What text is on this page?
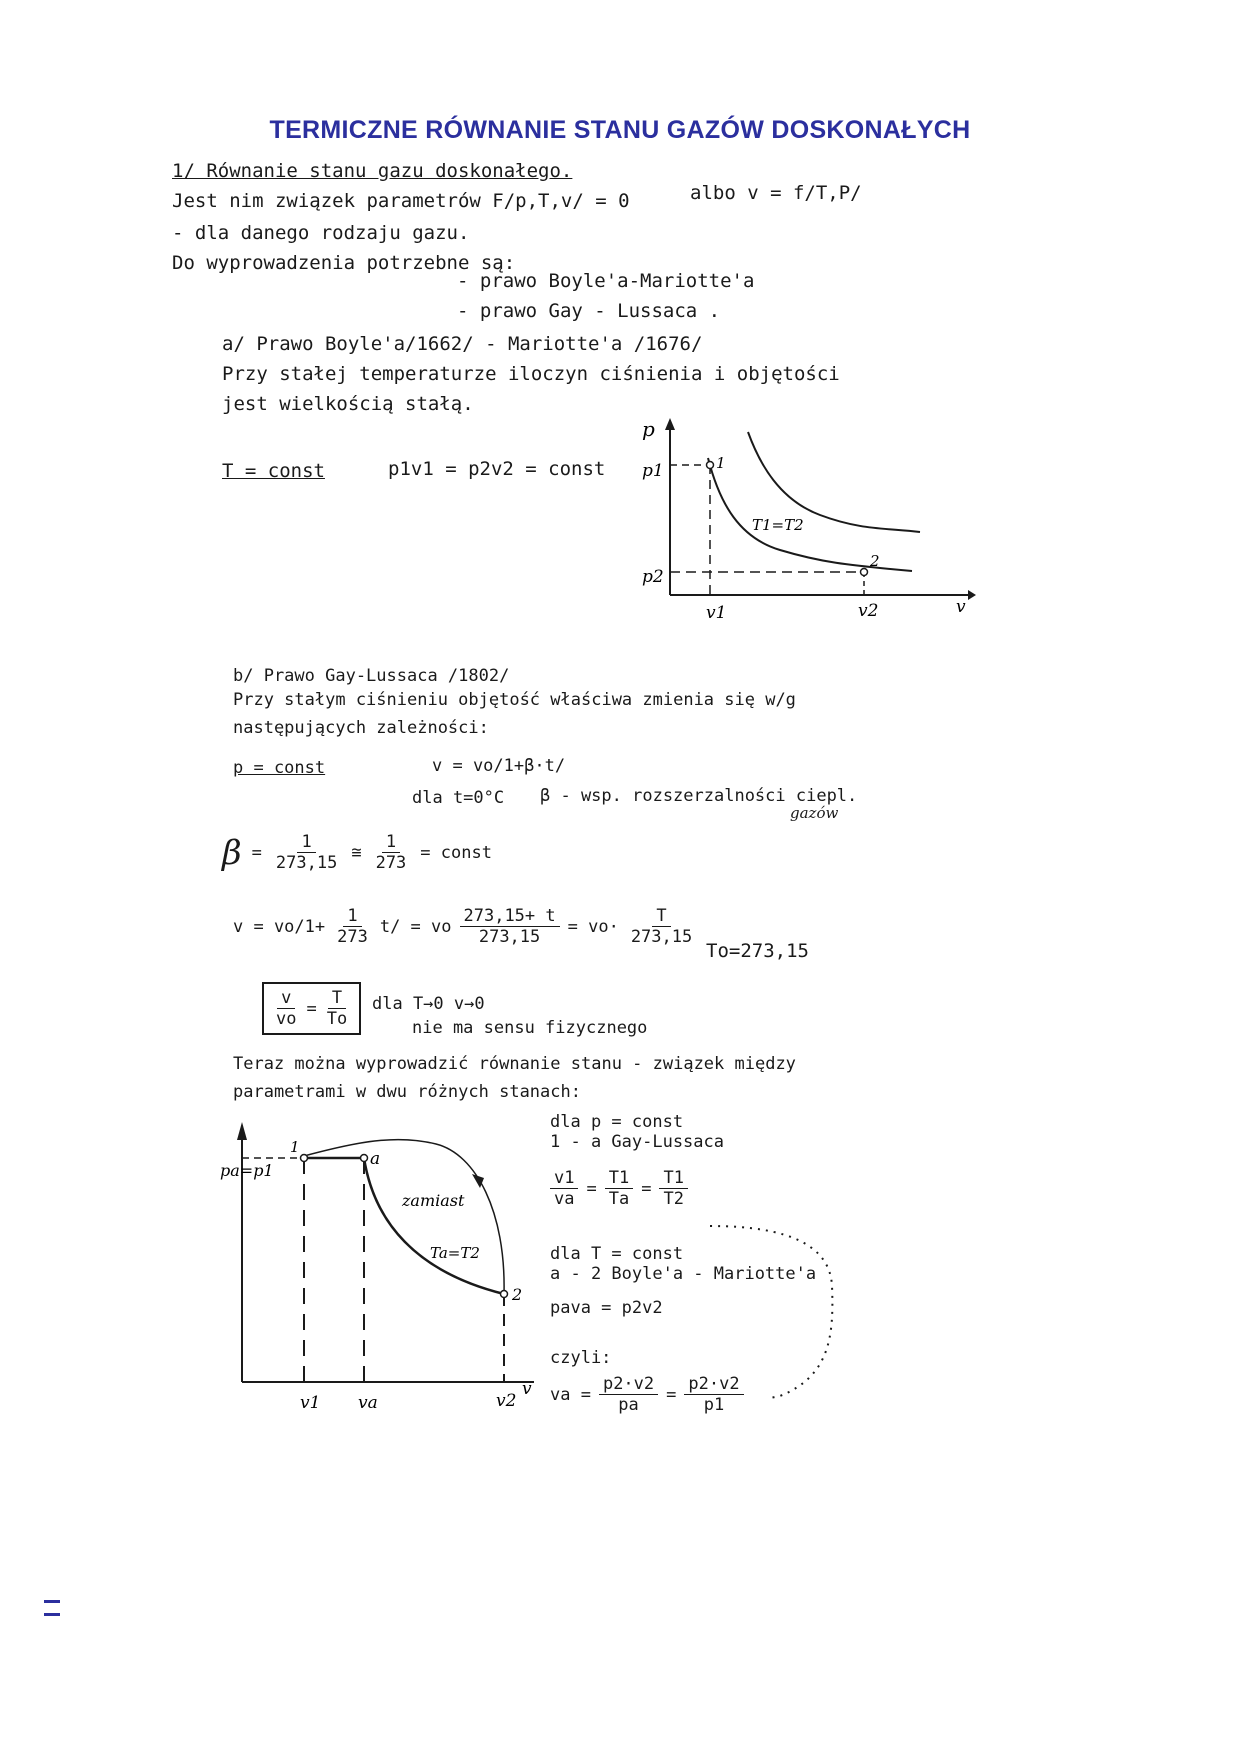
TERMICZNE RÓWNANIE STANU GAZÓW DOSKONAŁYCH
1/ Równanie stanu gazu doskonałego.
Jest nim związek parametrów F/p,T,v/ = 0	albo v = f/T,P/
- dla danego rodzaju gazu.
Do wyprowadzenia potrzebne są:
- prawo Boyle'a-Mariotte'a
- prawo Gay - Lussaca .
a/ Prawo Boyle'a/1662/ - Mariotte'a /1676/
Przy stałej temperaturze iloczyn ciśnienia i objętości
jest wielkością stałą.
T = const	p1v1 = p2v2 = const
p
p1
p2
v1	v2	v
1
2
T1=T2
b/ Prawo Gay-Lussaca /1802/
Przy stałym ciśnieniu objętość właściwa zmienia się w/g
następujących zależności:
p = const	v = vo/1+β·t/
dla t=0°C β - wsp. rozszerzalności ciepl.
gazów
$\beta = \frac{1}{273,15}$ ≅ $\frac{1}{273}$ = const
$v = vo/1+ \frac{1}{273} t/$ = vo $\frac{273,15+ t}{273,15} = vo\cdot \frac{T}{273,15}$
To=273,15
$\frac{v}{vo} = \frac{T}{To}$ dla T→0 v→0
nie ma sensu fizycznego
Teraz można wyprowadzić równanie stanu - związek między
parametrami w dwu różnych stanach:
pa=p1
1
a
2
zamiast
Ta=T2
v1 va	v2
v
dla p = const
1 - a Gay-Lussaca
$\frac{v1}{va} = \frac{T1}{Ta} = \frac{T1}{T2}$
dla T = const
a - 2 Boyle'a - Mariotte'a
pava = p2v2
czyli:
va = $\frac{p2\cdot v2}{pa} = \frac{p2\cdot v2}{p1}$
